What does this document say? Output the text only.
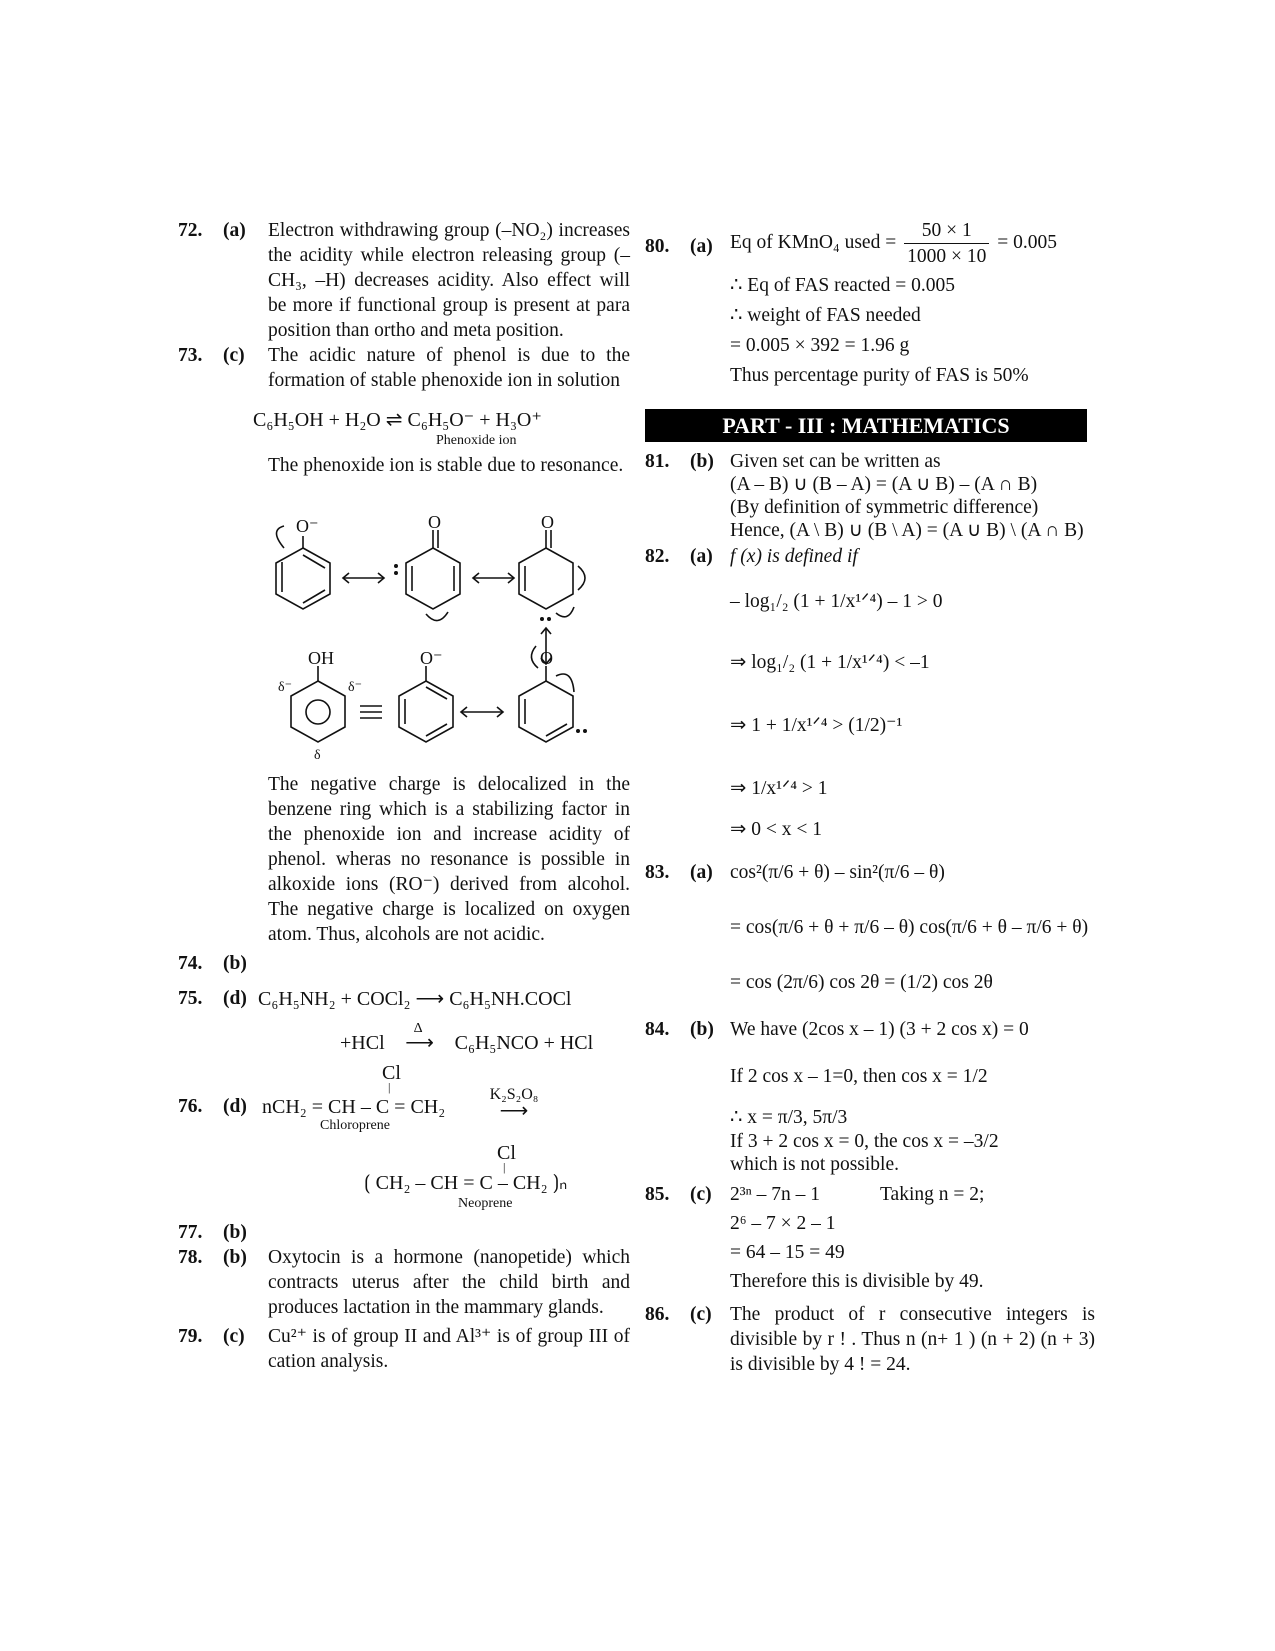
72. (a) Electron withdrawing group (–NO₂) increases the acidity while electron releasing group (–CH₃, –H) decreases acidity. Also effect will be more if functional group is present at para position than ortho and meta position.
73. (c) The acidic nature of phenol is due to the formation of stable phenoxide ion in solution
C₆H₅OH + H₂O ⇌ C₆H₅O⁻ + H₃O⁺
Phenoxide ion
The phenoxide ion is stable due to resonance.
O⁻	O	O
OH	O⁻	O
δ⁻	δ⁻
δ
The negative charge is delocalized in the benzene ring which is a stabilizing factor in the phenoxide ion and increase acidity of phenol. wheras no resonance is possible in alkoxide ions (RO⁻) derived from alcohol. The negative charge is localized on oxygen atom. Thus, alcohols are not acidic.
74. (b)

75. (d) C₆H₅NH₂ + COCl₂ ⟶ C₆H₅NH.COCl
+HCl
Δ
⟶ C₆H₅NCO + HCl
76. (d)
Cl
|
nCH₂ = CH – C = CH₂
K₂S₂O₈
⟶
Chloroprene
Cl
|
⟮ CH₂ – CH = C – CH₂ ⟯ₙ
Neoprene
77. (b)

78. (b) Oxytocin is a hormone (nanopetide) which contracts uterus after the child birth and produces lactation in the mammary glands.
79. (c) Cu²⁺ is of group II and Al³⁺ is of group III of cation analysis.
80. (a) Eq of KMnO₄ used = $\frac{50 \times 1}{1000 \times 10} = 0.005$
∴ Eq of FAS reacted = 0.005
∴ weight of FAS needed
= 0.005 × 392 = 1.96 g
Thus percentage purity of FAS is 50%
PART - III : MATHEMATICS
81. (b) Given set can be written as
(A – B) ∪ (B – A) = (A ∪ B) – (A ∩ B)
(By definition of symmetric difference)
Hence, (A \ B) ∪ (B \ A) = (A ∪ B) \ (A ∩ B)
82. (a) f (x) is defined if
– log₁/₂ (1 + 1/x¹ᐟ⁴) – 1 > 0
⇒ log₁/₂ (1 + 1/x¹ᐟ⁴) < –1
⇒ 1 + 1/x¹ᐟ⁴ > (1/2)⁻¹
⇒ 1/x¹ᐟ⁴ > 1
⇒ 0 < x < 1
83. (a) cos²(π/6 + θ) – sin²(π/6 – θ)
= cos(π/6 + θ + π/6 – θ) cos(π/6 + θ – π/6 + θ)
= cos (2π/6) cos 2θ = (1/2) cos 2θ
84. (b) We have (2cos x – 1) (3 + 2 cos x) = 0
If 2 cos x – 1=0, then cos x = 1/2
∴ x = π/3, 5π/3
If 3 + 2 cos x = 0, the cos x = –3/2
which is not possible.
85. (c) 2³ⁿ – 7n – 1	Taking n = 2;
2⁶ – 7 × 2 – 1
= 64 – 15 = 49
Therefore this is divisible by 49.
86. (c) The product of r consecutive integers is divisible by r ! . Thus n (n+ 1 ) (n + 2) (n + 3) is divisible by 4 ! = 24.
